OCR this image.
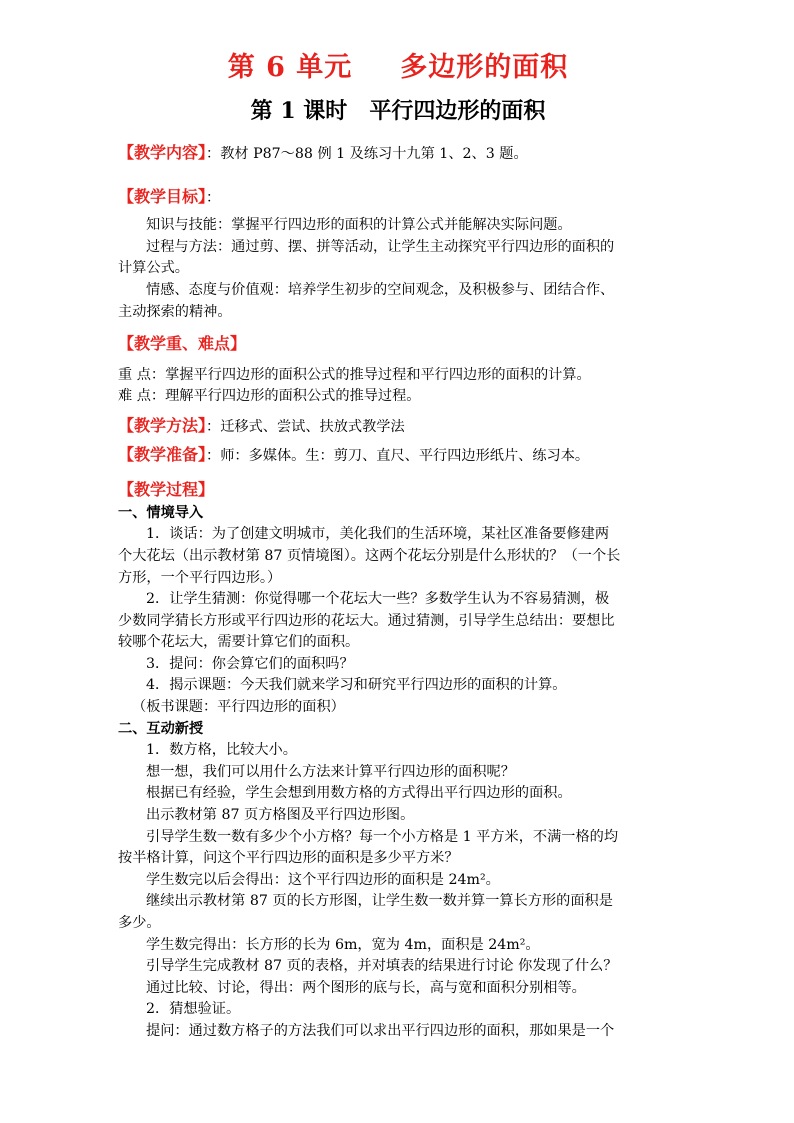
第 6 单元 多边形的面积
第 1 课时 平行四边形的面积

【教学内容】：教材 P87～88 例 1 及练习十九第 1、2、3 题。

【教学目标】：

知识与技能：掌握平行四边形的面积的计算公式并能解决实际问题。

过程与方法：通过剪、摆、拼等活动，让学生主动探究平行四边形的面积的

计算公式。

情感、态度与价值观：培养学生初步的空间观念，及积极参与、团结合作、

主动探索的精神。

【教学重、难点】

重 点：掌握平行四边形的面积公式的推导过程和平行四边形的面积的计算。

难 点：理解平行四边形的面积公式的推导过程。

【教学方法】：迁移式、尝试、扶放式教学法

【教学准备】：师：多媒体。生：剪刀、直尺、平行四边形纸片、练习本。

【教学过程】

一、情境导入

1．谈话：为了创建文明城市，美化我们的生活环境，某社区准备要修建两

个大花坛（出示教材第 87 页情境图）。这两个花坛分别是什么形状的？（一个长

方形，一个平行四边形。）

2．让学生猜测：你觉得哪一个花坛大一些？多数学生认为不容易猜测，极

少数同学猜长方形或平行四边形的花坛大。通过猜测，引导学生总结出：要想比

较哪个花坛大，需要计算它们的面积。

3．提问：你会算它们的面积吗？

4．揭示课题：今天我们就来学习和研究平行四边形的面积的计算。

（板书课题：平行四边形的面积）

二、互动新授

1．数方格，比较大小。

想一想，我们可以用什么方法来计算平行四边形的面积呢？

根据已有经验，学生会想到用数方格的方式得出平行四边形的面积。

出示教材第 87 页方格图及平行四边形图。

引导学生数一数有多少个小方格？每一个小方格是 1 平方米，不满一格的均

按半格计算，问这个平行四边形的面积是多少平方米？

学生数完以后会得出：这个平行四边形的面积是 24m²。

继续出示教材第 87 页的长方形图，让学生数一数并算一算长方形的面积是

多少。

学生数完得出：长方形的长为 6m，宽为 4m，面积是 24m²。

引导学生完成教材 87 页的表格，并对填表的结果进行讨论 你发现了什么？

通过比较、讨论，得出：两个图形的底与长，高与宽和面积分别相等。

2．猜想验证。

提问：通过数方格子的方法我们可以求出平行四边形的面积，那如果是一个
